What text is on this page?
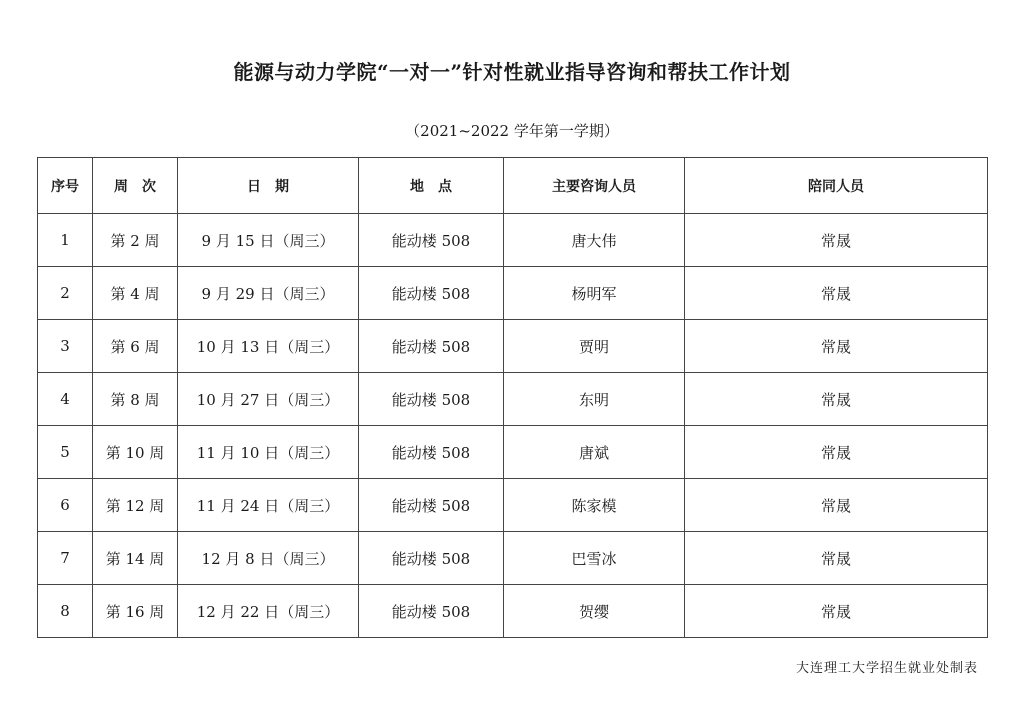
能源与动力学院“一对一”针对性就业指导咨询和帮扶工作计划
（2021~2022 学年第一学期）
序号	周　次	日　期	地　点	主要咨询人员	陪同人员
1	第 2 周	9 月 15 日（周三）	能动楼 508	唐大伟	常晟
2	第 4 周	9 月 29 日（周三）	能动楼 508	杨明军	常晟
3	第 6 周	10 月 13 日（周三）	能动楼 508	贾明	常晟
4	第 8 周	10 月 27 日（周三）	能动楼 508	东明	常晟
5	第 10 周	11 月 10 日（周三）	能动楼 508	唐斌	常晟
6	第 12 周	11 月 24 日（周三）	能动楼 508	陈家模	常晟
7	第 14 周	12 月 8 日（周三）	能动楼 508	巴雪冰	常晟
8	第 16 周	12 月 22 日（周三）	能动楼 508	贺缨	常晟
大连理工大学招生就业处制表
